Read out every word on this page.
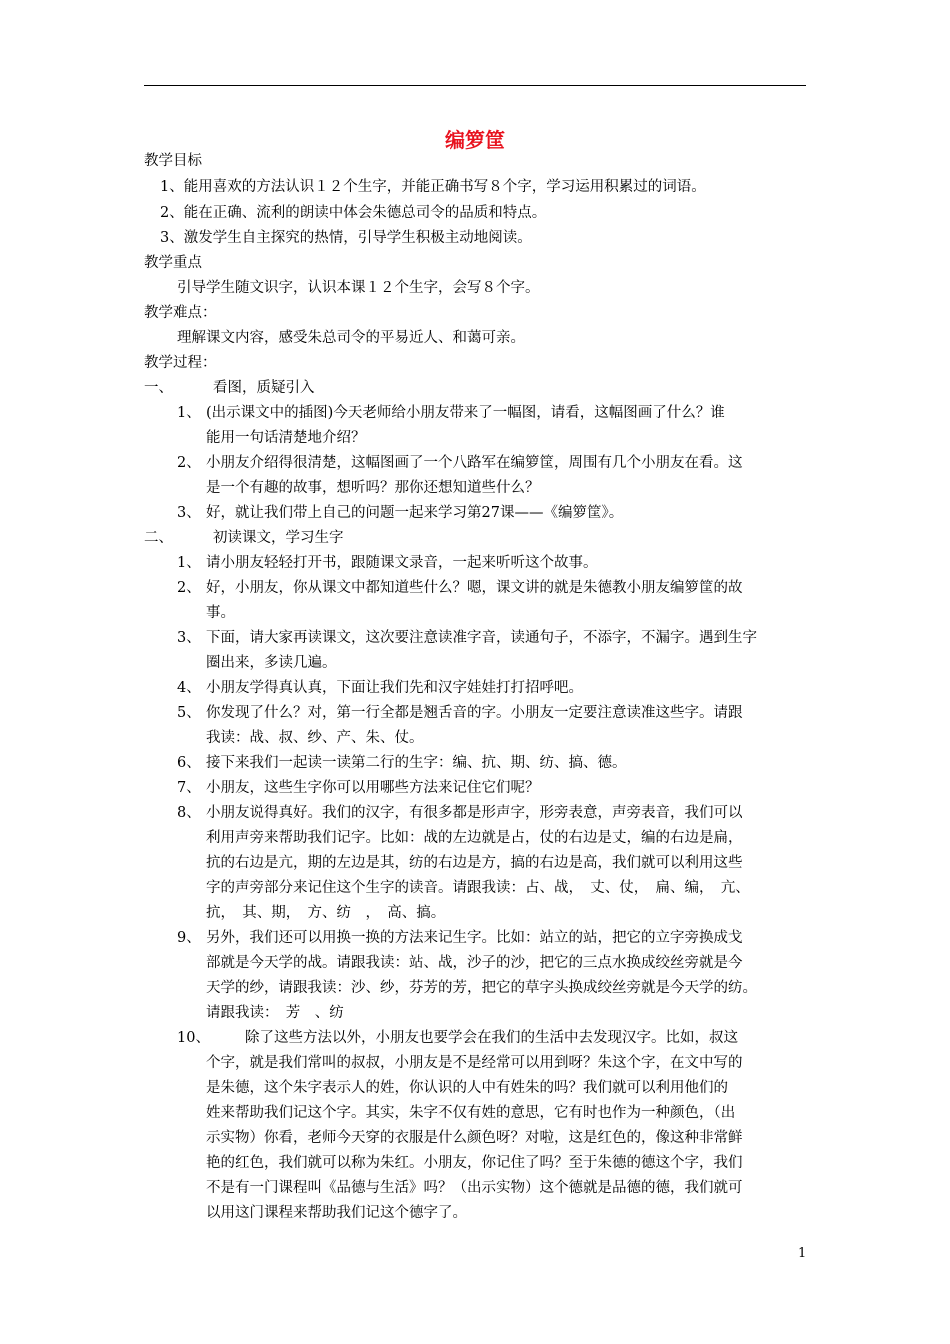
编箩筐
教学目标
1、能用喜欢的方法认识１２个生字，并能正确书写８个字，学习运用积累过的词语。
2、能在正确、流利的朗读中体会朱德总司令的品质和特点。
3、激发学生自主探究的热情，引导学生积极主动地阅读。
教学重点
引导学生随文识字，认识本课１２个生字，会写８个字。
教学难点：
理解课文内容，感受朱总司令的平易近人、和蔼可亲。
教学过程：
一、	看图，质疑引入
1、 (出示课文中的插图)今天老师给小朋友带来了一幅图，请看，这幅图画了什么？谁
能用一句话清楚地介绍？
2、 小朋友介绍得很清楚，这幅图画了一个八路军在编箩筐，周围有几个小朋友在看。这
是一个有趣的故事，想听吗？那你还想知道些什么？
3、 好，就让我们带上自己的问题一起来学习第27课——《编箩筐》。
二、	初读课文，学习生字
1、 请小朋友轻轻打开书，跟随课文录音，一起来听听这个故事。
2、 好，小朋友，你从课文中都知道些什么？嗯，课文讲的就是朱德教小朋友编箩筐的故
事。
3、 下面，请大家再读课文，这次要注意读准字音，读通句子，不添字，不漏字。遇到生字
圈出来，多读几遍。
4、 小朋友学得真认真，下面让我们先和汉字娃娃打打招呼吧。
5、 你发现了什么？对，第一行全都是翘舌音的字。小朋友一定要注意读准这些字。请跟
我读：战、叔、纱、产、朱、仗。
6、 接下来我们一起读一读第二行的生字：编、抗、期、纺、搞、德。
7、 小朋友，这些生字你可以用哪些方法来记住它们呢？
8、 小朋友说得真好。我们的汉字，有很多都是形声字，形旁表意，声旁表音，我们可以
利用声旁来帮助我们记字。比如：战的左边就是占，仗的右边是丈，编的右边是扁，
抗的右边是亢，期的左边是其，纺的右边是方，搞的右边是高，我们就可以利用这些
字的声旁部分来记住这个生字的读音。请跟我读：占、战，　丈、仗，　扁、编，　亢、
抗，　其、期，　方、纺　，　高、搞。
9、 另外，我们还可以用换一换的方法来记生字。比如：站立的站，把它的立字旁换成戈
部就是今天学的战。请跟我读：站、战，沙子的沙，把它的三点水换成绞丝旁就是今
天学的纱，请跟我读：沙、纱，芬芳的芳，把它的草字头换成绞丝旁就是今天学的纺。
请跟我读：　芳　、纺
10、 除了这些方法以外，小朋友也要学会在我们的生活中去发现汉字。比如，叔这
个字，就是我们常叫的叔叔，小朋友是不是经常可以用到呀？朱这个字，在文中写的
是朱德，这个朱字表示人的姓，你认识的人中有姓朱的吗？我们就可以利用他们的
姓来帮助我们记这个字。其实，朱字不仅有姓的意思，它有时也作为一种颜色，（出
示实物）你看，老师今天穿的衣服是什么颜色呀？对啦，这是红色的，像这种非常鲜
艳的红色，我们就可以称为朱红。小朋友，你记住了吗？至于朱德的德这个字，我们
不是有一门课程叫《品德与生活》吗？（出示实物）这个德就是品德的德，我们就可
以用这门课程来帮助我们记这个德字了。
1
